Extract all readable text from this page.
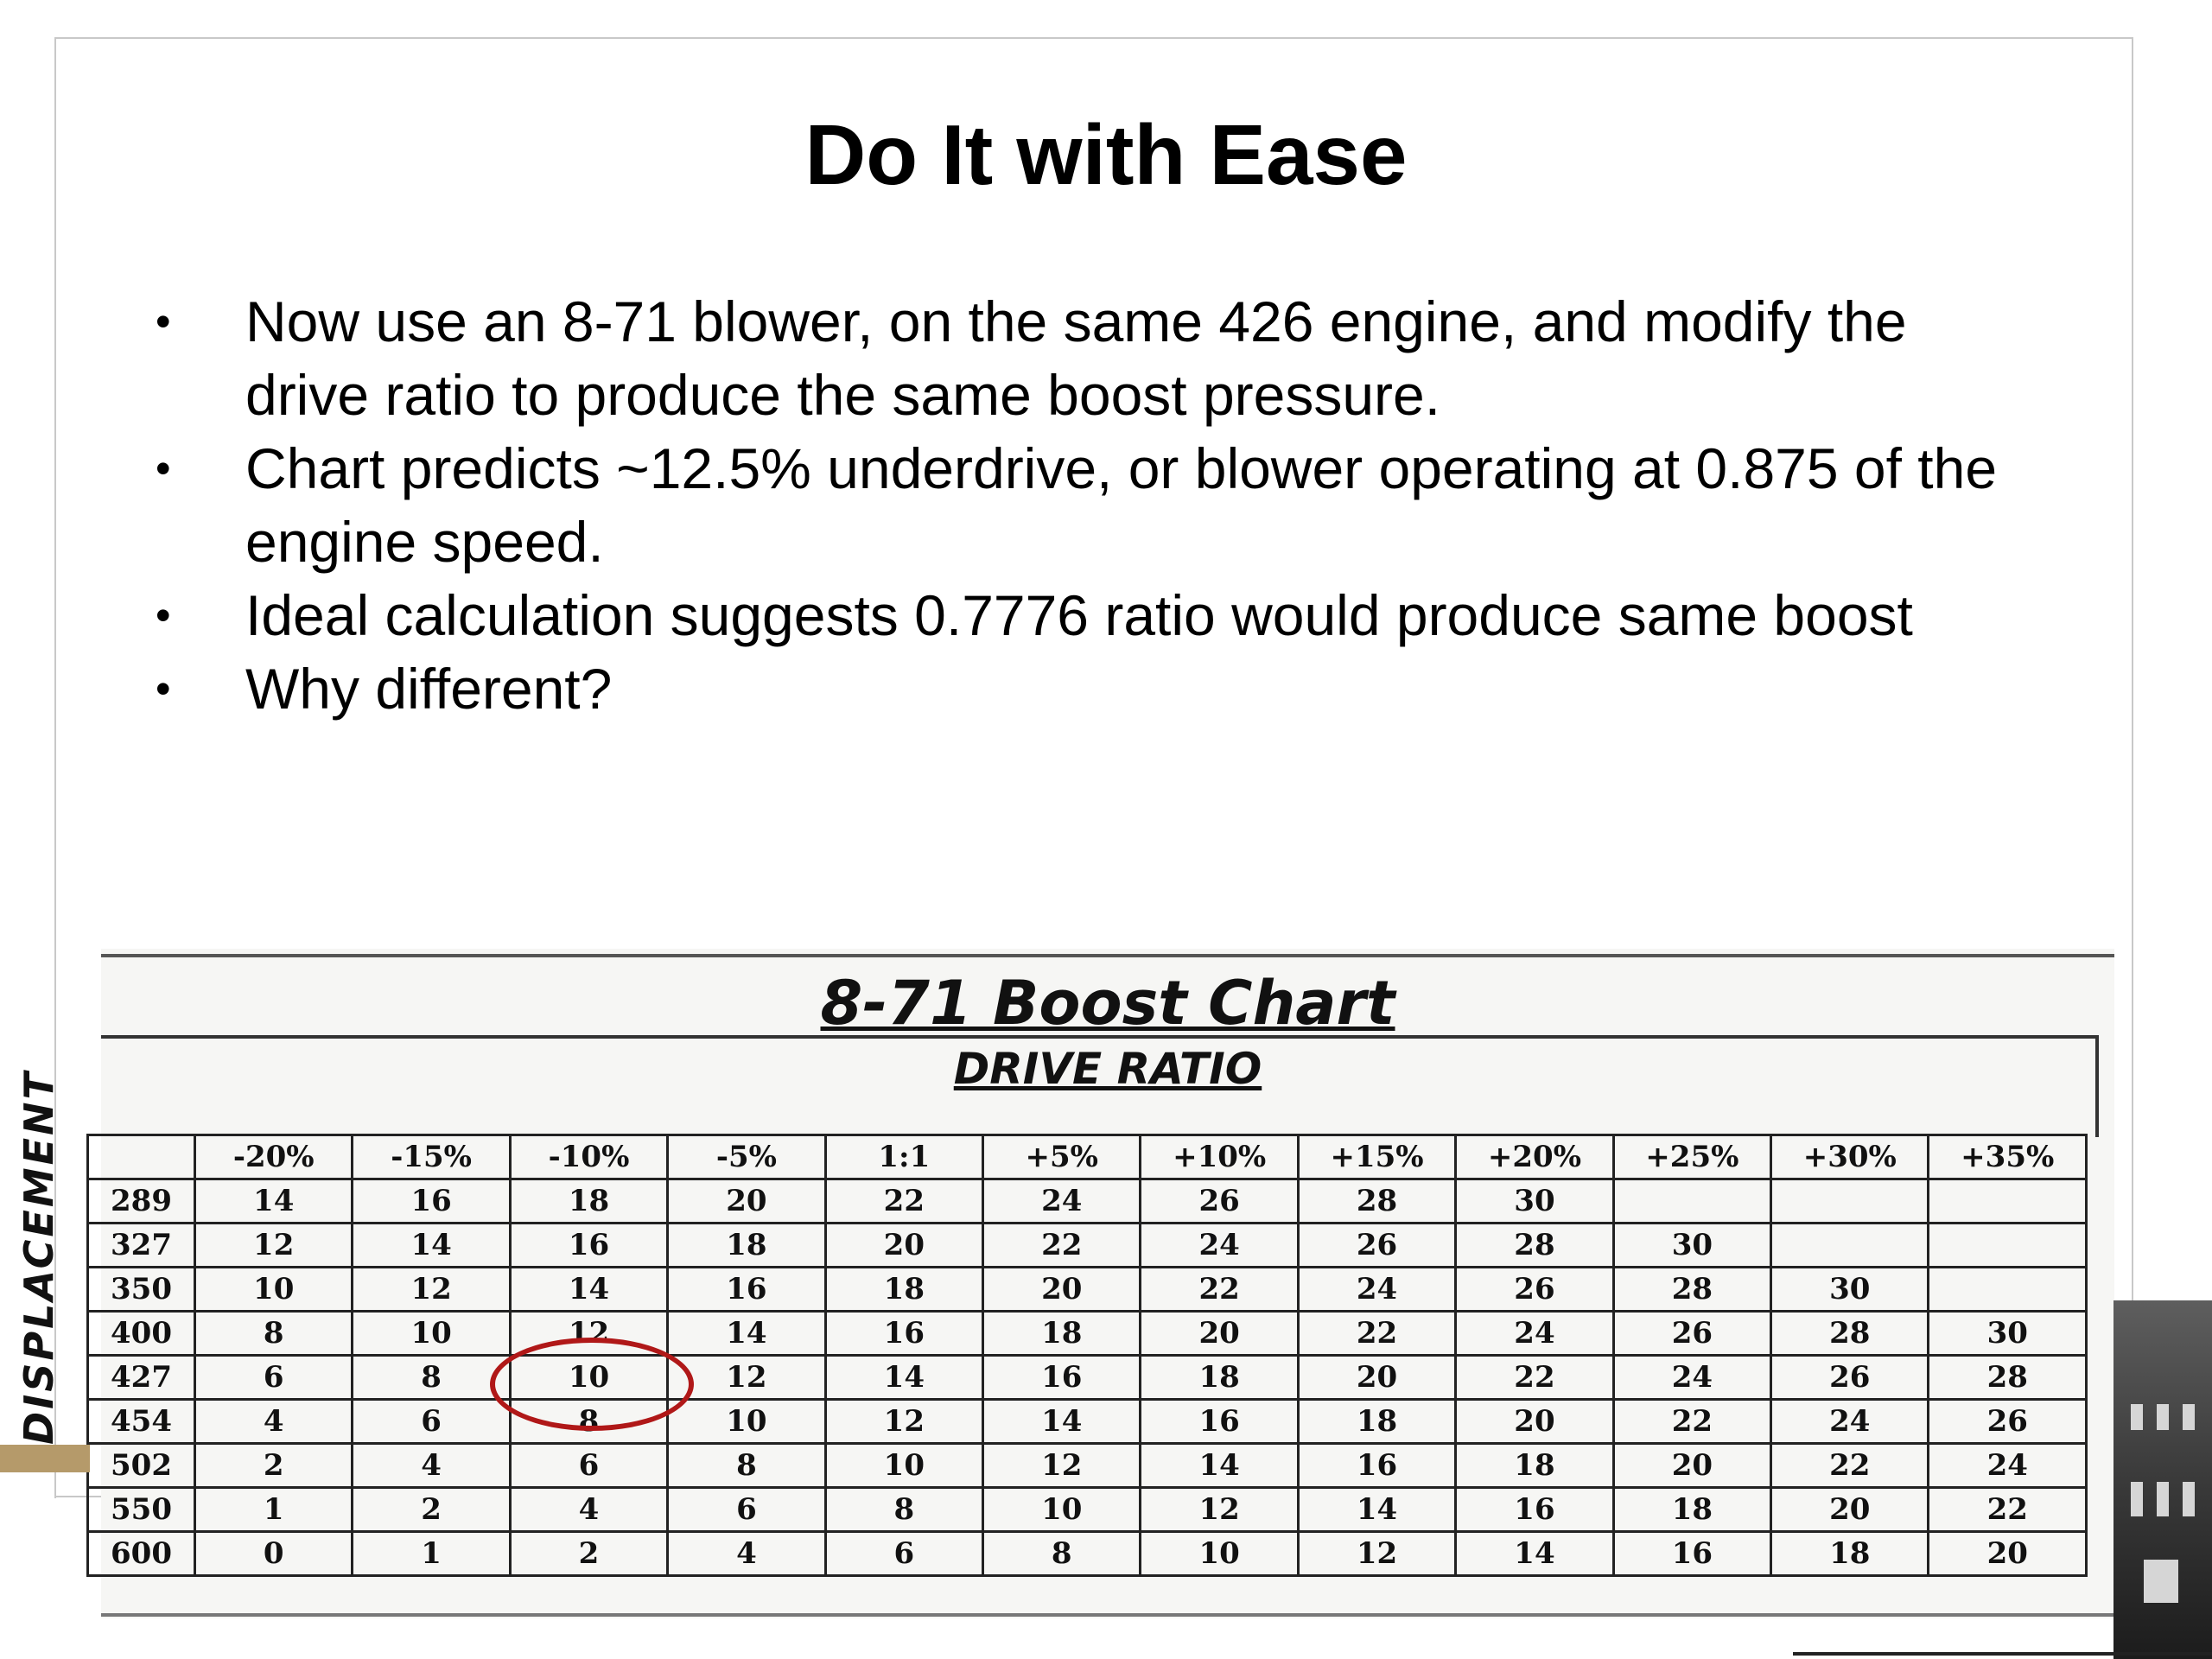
Do It with Ease
•	Now use an 8-71 blower, on the same 426 engine, and modify the drive ratio to produce the same boost pressure.
•	Chart predicts ~12.5% underdrive, or blower operating at 0.875 of the engine speed.
•	Ideal calculation suggests 0.7776 ratio would produce same boost
•	Why different?
8-71 Boost Chart
DRIVE RATIO
DISPLACEMENT
		-20%	-15%	-10%	-5%	1:1	+5%	+10%	+15%	+20%	+25%	+30%	+35%
289	14	16	18	20	22	24	26	28	30			
327	12	14	16	18	20	22	24	26	28	30		
350	10	12	14	16	18	20	22	24	26	28	30	
400	8	10	12	14	16	18	20	22	24	26	28	30
427	6	8	10	12	14	16	18	20	22	24	26	28
454	4	6	8	10	12	14	16	18	20	22	24	26
502	2	4	6	8	10	12	14	16	18	20	22	24
550	1	2	4	6	8	10	12	14	16	18	20	22
600	0	1	2	4	6	8	10	12	14	16	18	20
